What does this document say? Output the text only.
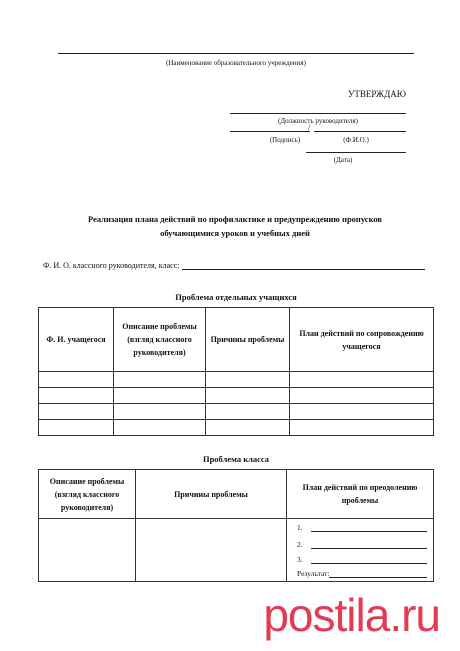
(Наименование образовательного учреждения)
УТВЕРЖДАЮ
(Должность руководителя)
/
(Подпись)	(Ф.И.О.)
(Дата)
Реализация плана действий по профилактике и предупреждению пропусков
обучающимися уроков и учебных дней
Ф. И. О. классного руководителя, класс:
Проблема отдельных учащихся
Ф. И. учащегося	Описание проблемы (взгляд классного руководителя)	Причины проблемы	План действий по сопровождению учащегося

Проблема класса
Описание проблемы (взгляд классного руководителя)	Причины проблемы	План действий по преодолению проблемы

		1.
2.
3.
Результат:
postila.ru
